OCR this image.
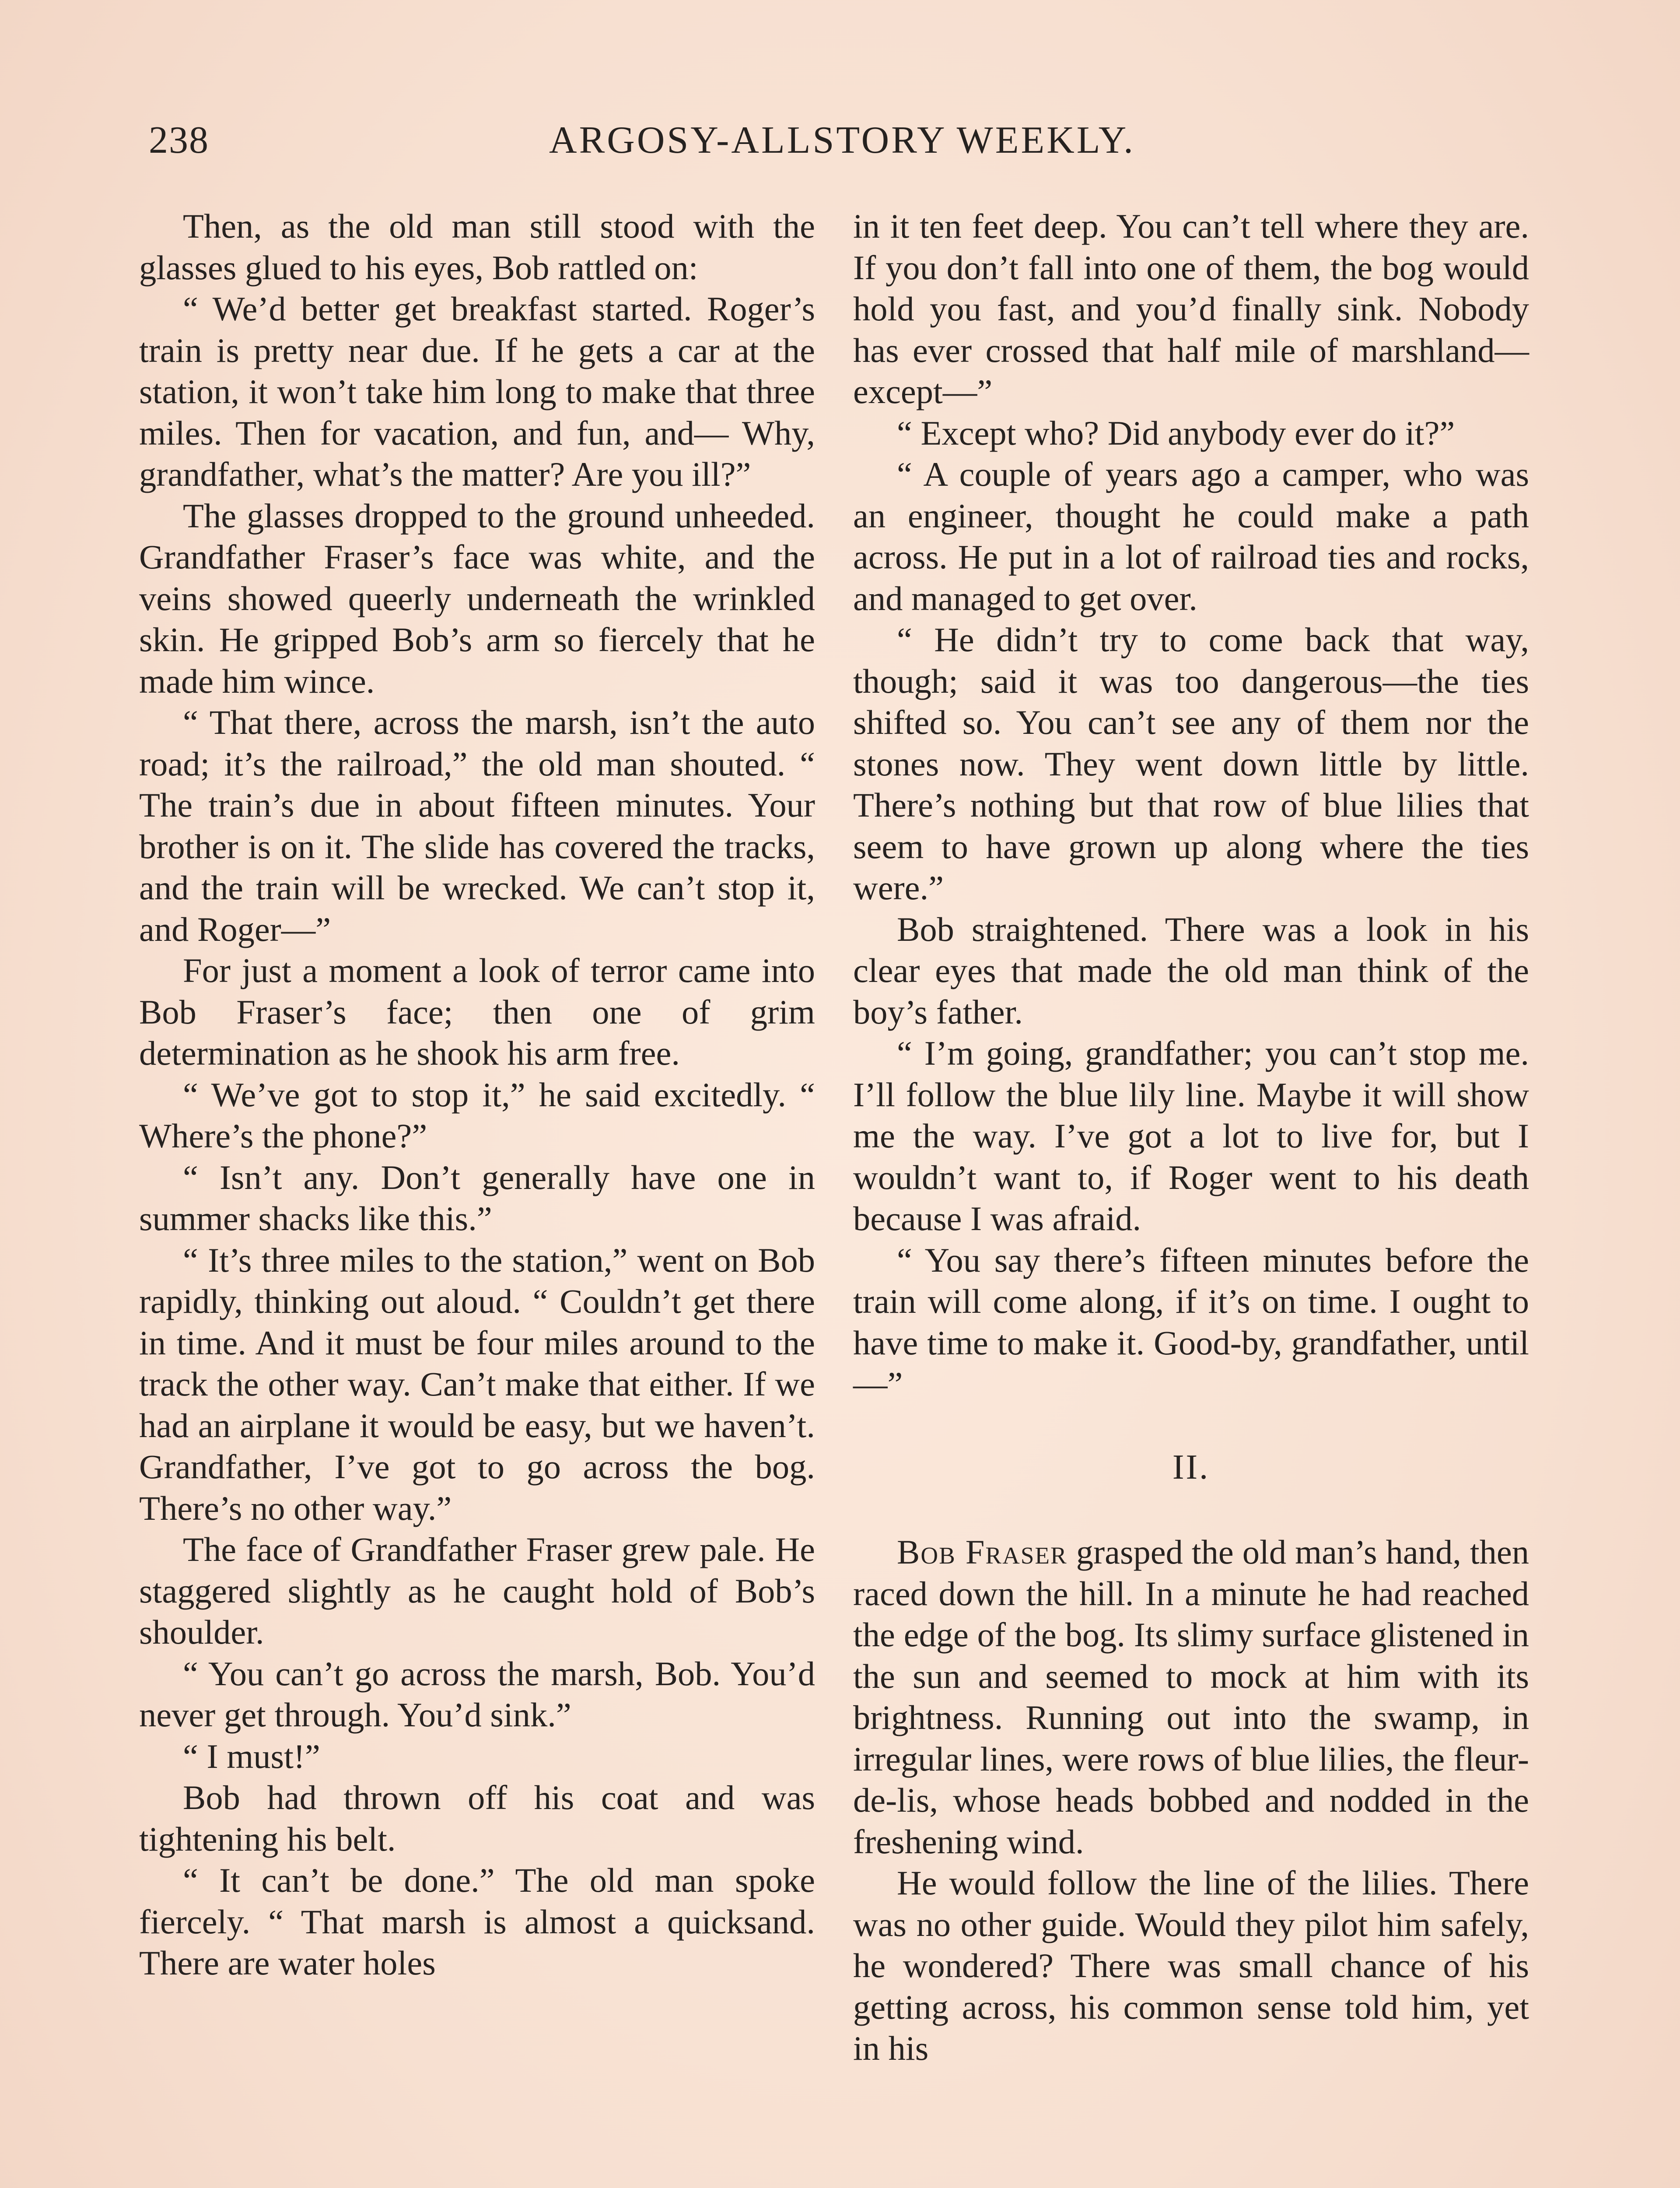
238	ARGOSY-ALLSTORY WEEKLY.

Then, as the old man still stood with the glasses glued to his eyes, Bob rattled on:

“ We’d better get breakfast started. Roger’s train is pretty near due. If he gets a car at the station, it won’t take him long to make that three miles. Then for vacation, and fun, and— Why, grandfather, what’s the matter? Are you ill?”

The glasses dropped to the ground unheeded. Grandfather Fraser’s face was white, and the veins showed queerly underneath the wrinkled skin. He gripped Bob’s arm so fiercely that he made him wince.

“ That there, across the marsh, isn’t the auto road; it’s the railroad,” the old man shouted. “ The train’s due in about fifteen minutes. Your brother is on it. The slide has covered the tracks, and the train will be wrecked. We can’t stop it, and Roger—”

For just a moment a look of terror came into Bob Fraser’s face; then one of grim determination as he shook his arm free.

“ We’ve got to stop it,” he said excitedly. “ Where’s the phone?”

“ Isn’t any. Don’t generally have one in summer shacks like this.”

“ It’s three miles to the station,” went on Bob rapidly, thinking out aloud. “ Couldn’t get there in time. And it must be four miles around to the track the other way. Can’t make that either. If we had an airplane it would be easy, but we haven’t. Grandfather, I’ve got to go across the bog. There’s no other way.”

The face of Grandfather Fraser grew pale. He staggered slightly as he caught hold of Bob’s shoulder.

“ You can’t go across the marsh, Bob. You’d never get through. You’d sink.”

“ I must!”

Bob had thrown off his coat and was tightening his belt.

“ It can’t be done.” The old man spoke fiercely. “ That marsh is almost a quicksand. There are water holes

in it ten feet deep. You can’t tell where they are. If you don’t fall into one of them, the bog would hold you fast, and you’d finally sink. Nobody has ever crossed that half mile of marshland—except—”

“ Except who? Did anybody ever do it?”

“ A couple of years ago a camper, who was an engineer, thought he could make a path across. He put in a lot of railroad ties and rocks, and managed to get over.

“ He didn’t try to come back that way, though; said it was too dangerous—the ties shifted so. You can’t see any of them nor the stones now. They went down little by little. There’s nothing but that row of blue lilies that seem to have grown up along where the ties were.”

Bob straightened. There was a look in his clear eyes that made the old man think of the boy’s father.

“ I’m going, grandfather; you can’t stop me. I’ll follow the blue lily line. Maybe it will show me the way. I’ve got a lot to live for, but I wouldn’t want to, if Roger went to his death because I was afraid.

“ You say there’s fifteen minutes before the train will come along, if it’s on time. I ought to have time to make it. Good-by, grandfather, until—”

II.

Bob Fraser grasped the old man’s hand, then raced down the hill. In a minute he had reached the edge of the bog. Its slimy surface glistened in the sun and seemed to mock at him with its brightness. Running out into the swamp, in irregular lines, were rows of blue lilies, the fleur-de-lis, whose heads bobbed and nodded in the freshening wind.

He would follow the line of the lilies. There was no other guide. Would they pilot him safely, he wondered? There was small chance of his getting across, his common sense told him, yet in his
